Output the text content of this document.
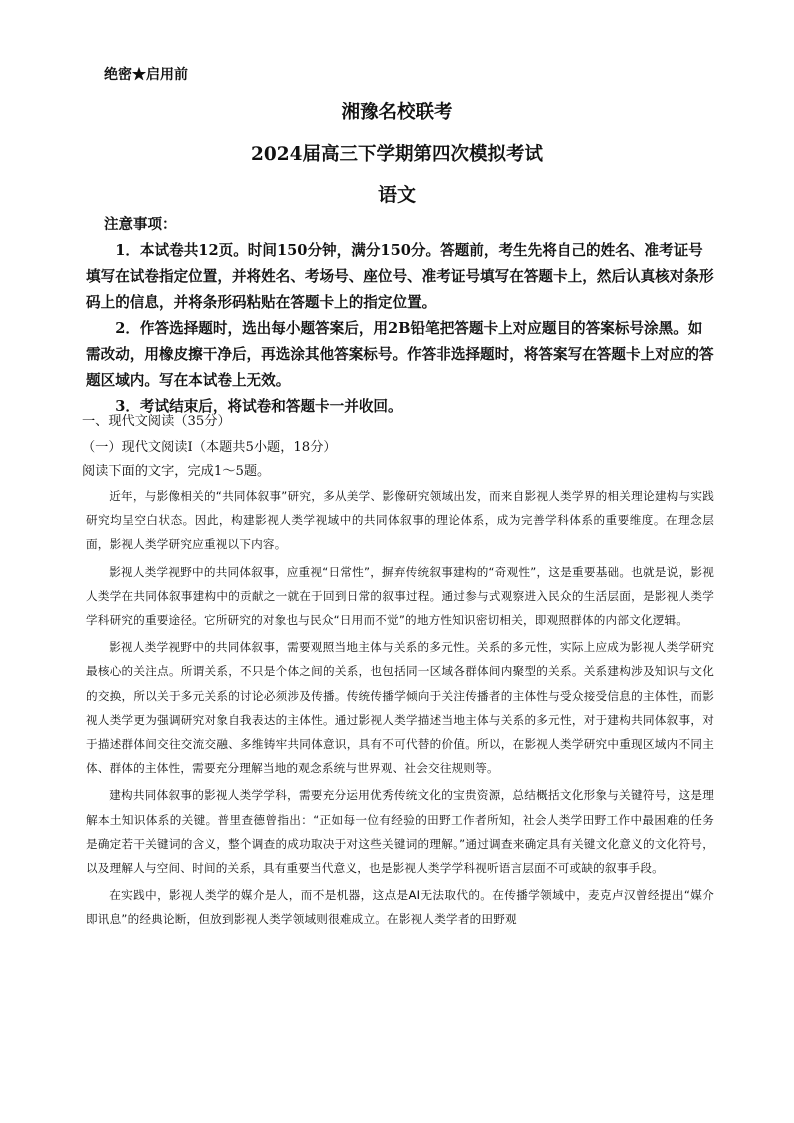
绝密★启用前
湘豫名校联考
2024届高三下学期第四次模拟考试
语文
注意事项：

1．本试卷共12页。时间150分钟，满分150分。答题前，考生先将自己的姓名、准考证号填写在试卷指定位置，并将姓名、考场号、座位号、准考证号填写在答题卡上，然后认真核对条形码上的信息，并将条形码粘贴在答题卡上的指定位置。

2．作答选择题时，选出每小题答案后，用2B铅笔把答题卡上对应题目的答案标号涂黑。如需改动，用橡皮擦干净后，再选涂其他答案标号。作答非选择题时，将答案写在答题卡上对应的答题区域内。写在本试卷上无效。

3．考试结束后，将试卷和答题卡一并收回。

一、现代文阅读（35分）
（一）现代文阅读Ⅰ（本题共5小题，18分）
阅读下面的文字，完成1～5题。

近年，与影像相关的“共同体叙事”研究，多从美学、影像研究领域出发，而来自影视人类学界的相关理论建构与实践研究均呈空白状态。因此，构建影视人类学视域中的共同体叙事的理论体系，成为完善学科体系的重要维度。在理念层面，影视人类学研究应重视以下内容。

影视人类学视野中的共同体叙事，应重视“日常性”，摒弃传统叙事建构的“奇观性”，这是重要基础。也就是说，影视人类学在共同体叙事建构中的贡献之一就在于回到日常的叙事过程。通过参与式观察进入民众的生活层面，是影视人类学学科研究的重要途径。它所研究的对象也与民众“日用而不觉”的地方性知识密切相关，即观照群体的内部文化逻辑。

影视人类学视野中的共同体叙事，需要观照当地主体与关系的多元性。关系的多元性，实际上应成为影视人类学研究最核心的关注点。所谓关系，不只是个体之间的关系，也包括同一区域各群体间内聚型的关系。关系建构涉及知识与文化的交换，所以关于多元关系的讨论必须涉及传播。传统传播学倾向于关注传播者的主体性与受众接受信息的主体性，而影视人类学更为强调研究对象自我表达的主体性。通过影视人类学描述当地主体与关系的多元性，对于建构共同体叙事，对于描述群体间交往交流交融、多维铸牢共同体意识，具有不可代替的价值。所以，在影视人类学研究中重现区域内不同主体、群体的主体性，需要充分理解当地的观念系统与世界观、社会交往规则等。

建构共同体叙事的影视人类学学科，需要充分运用优秀传统文化的宝贵资源，总结概括文化形象与关键符号，这是理解本土知识体系的关键。普里查德曾指出：“正如每一位有经验的田野工作者所知，社会人类学田野工作中最困难的任务是确定若干关键词的含义，整个调查的成功取决于对这些关键词的理解。”通过调查来确定具有关键文化意义的文化符号，以及理解人与空间、时间的关系，具有重要当代意义，也是影视人类学学科视听语言层面不可或缺的叙事手段。

在实践中，影视人类学的媒介是人，而不是机器，这点是AI无法取代的。在传播学领域中，麦克卢汉曾经提出“媒介即讯息”的经典论断，但放到影视人类学领域则很难成立。在影视人类学者的田野观
